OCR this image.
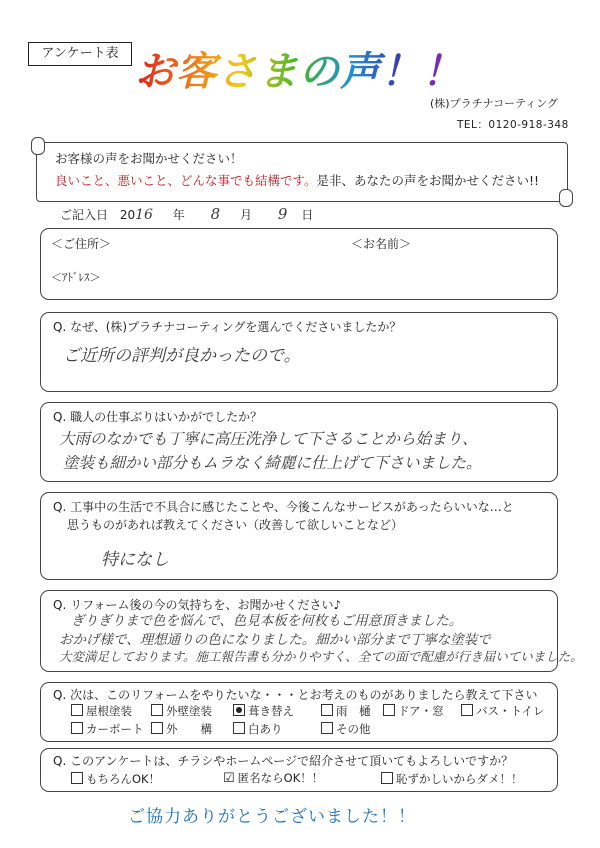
アンケート表 お客さまの声！！
(株)プラチナコーティング
TEL：0120-918-348
お客様の声をお聞かせください！
良いこと、悪いこと、どんな事でも結構です。是非、あなたの声をお聞かせください!!
ご記入日 2016 年 8 月 9 日
＜ご住所＞	＜お名前＞
＜ｱﾄﾞﾚｽ＞
Q. なぜ、(株)プラチナコーティングを選んでくださいましたか？
ご近所の評判が良かったので。
Q. 職人の仕事ぶりはいかがでしたか？
大雨のなかでも丁寧に高圧洗浄して下さることから始まり、
塗装も細かい部分もムラなく綺麗に仕上げて下さいました。
Q. 工事中の生活で不具合に感じたことや、今後こんなサービスがあったらいいな…と
思うものがあれば教えてください（改善して欲しいことなど）
特になし
Q. リフォーム後の今の気持ちを、お聞かせください♪
ぎりぎりまで色を悩んで、色見本板を何枚もご用意頂きました。
おかげ様で、理想通りの色になりました。細かい部分まで丁寧な塗装で
大変満足しております。施工報告書も分かりやすく、全ての面で配慮が行き届いていました。
Q. 次は、このリフォームをやりたいな・・・とお考えのものがありましたら教えて下さい
屋根塗装	外壁塗装	葺き替え	雨　樋	ドア・窓	バス・トイレ
カーポート	外　　構	白あり	その他
Q. このアンケートは、チラシやホームページで紹介させて頂いてもよろしいですか？
もちろんOK！	☑ 匿名ならOK！！	恥ずかしいからダメ！！
ご協力ありがとうございました！！
